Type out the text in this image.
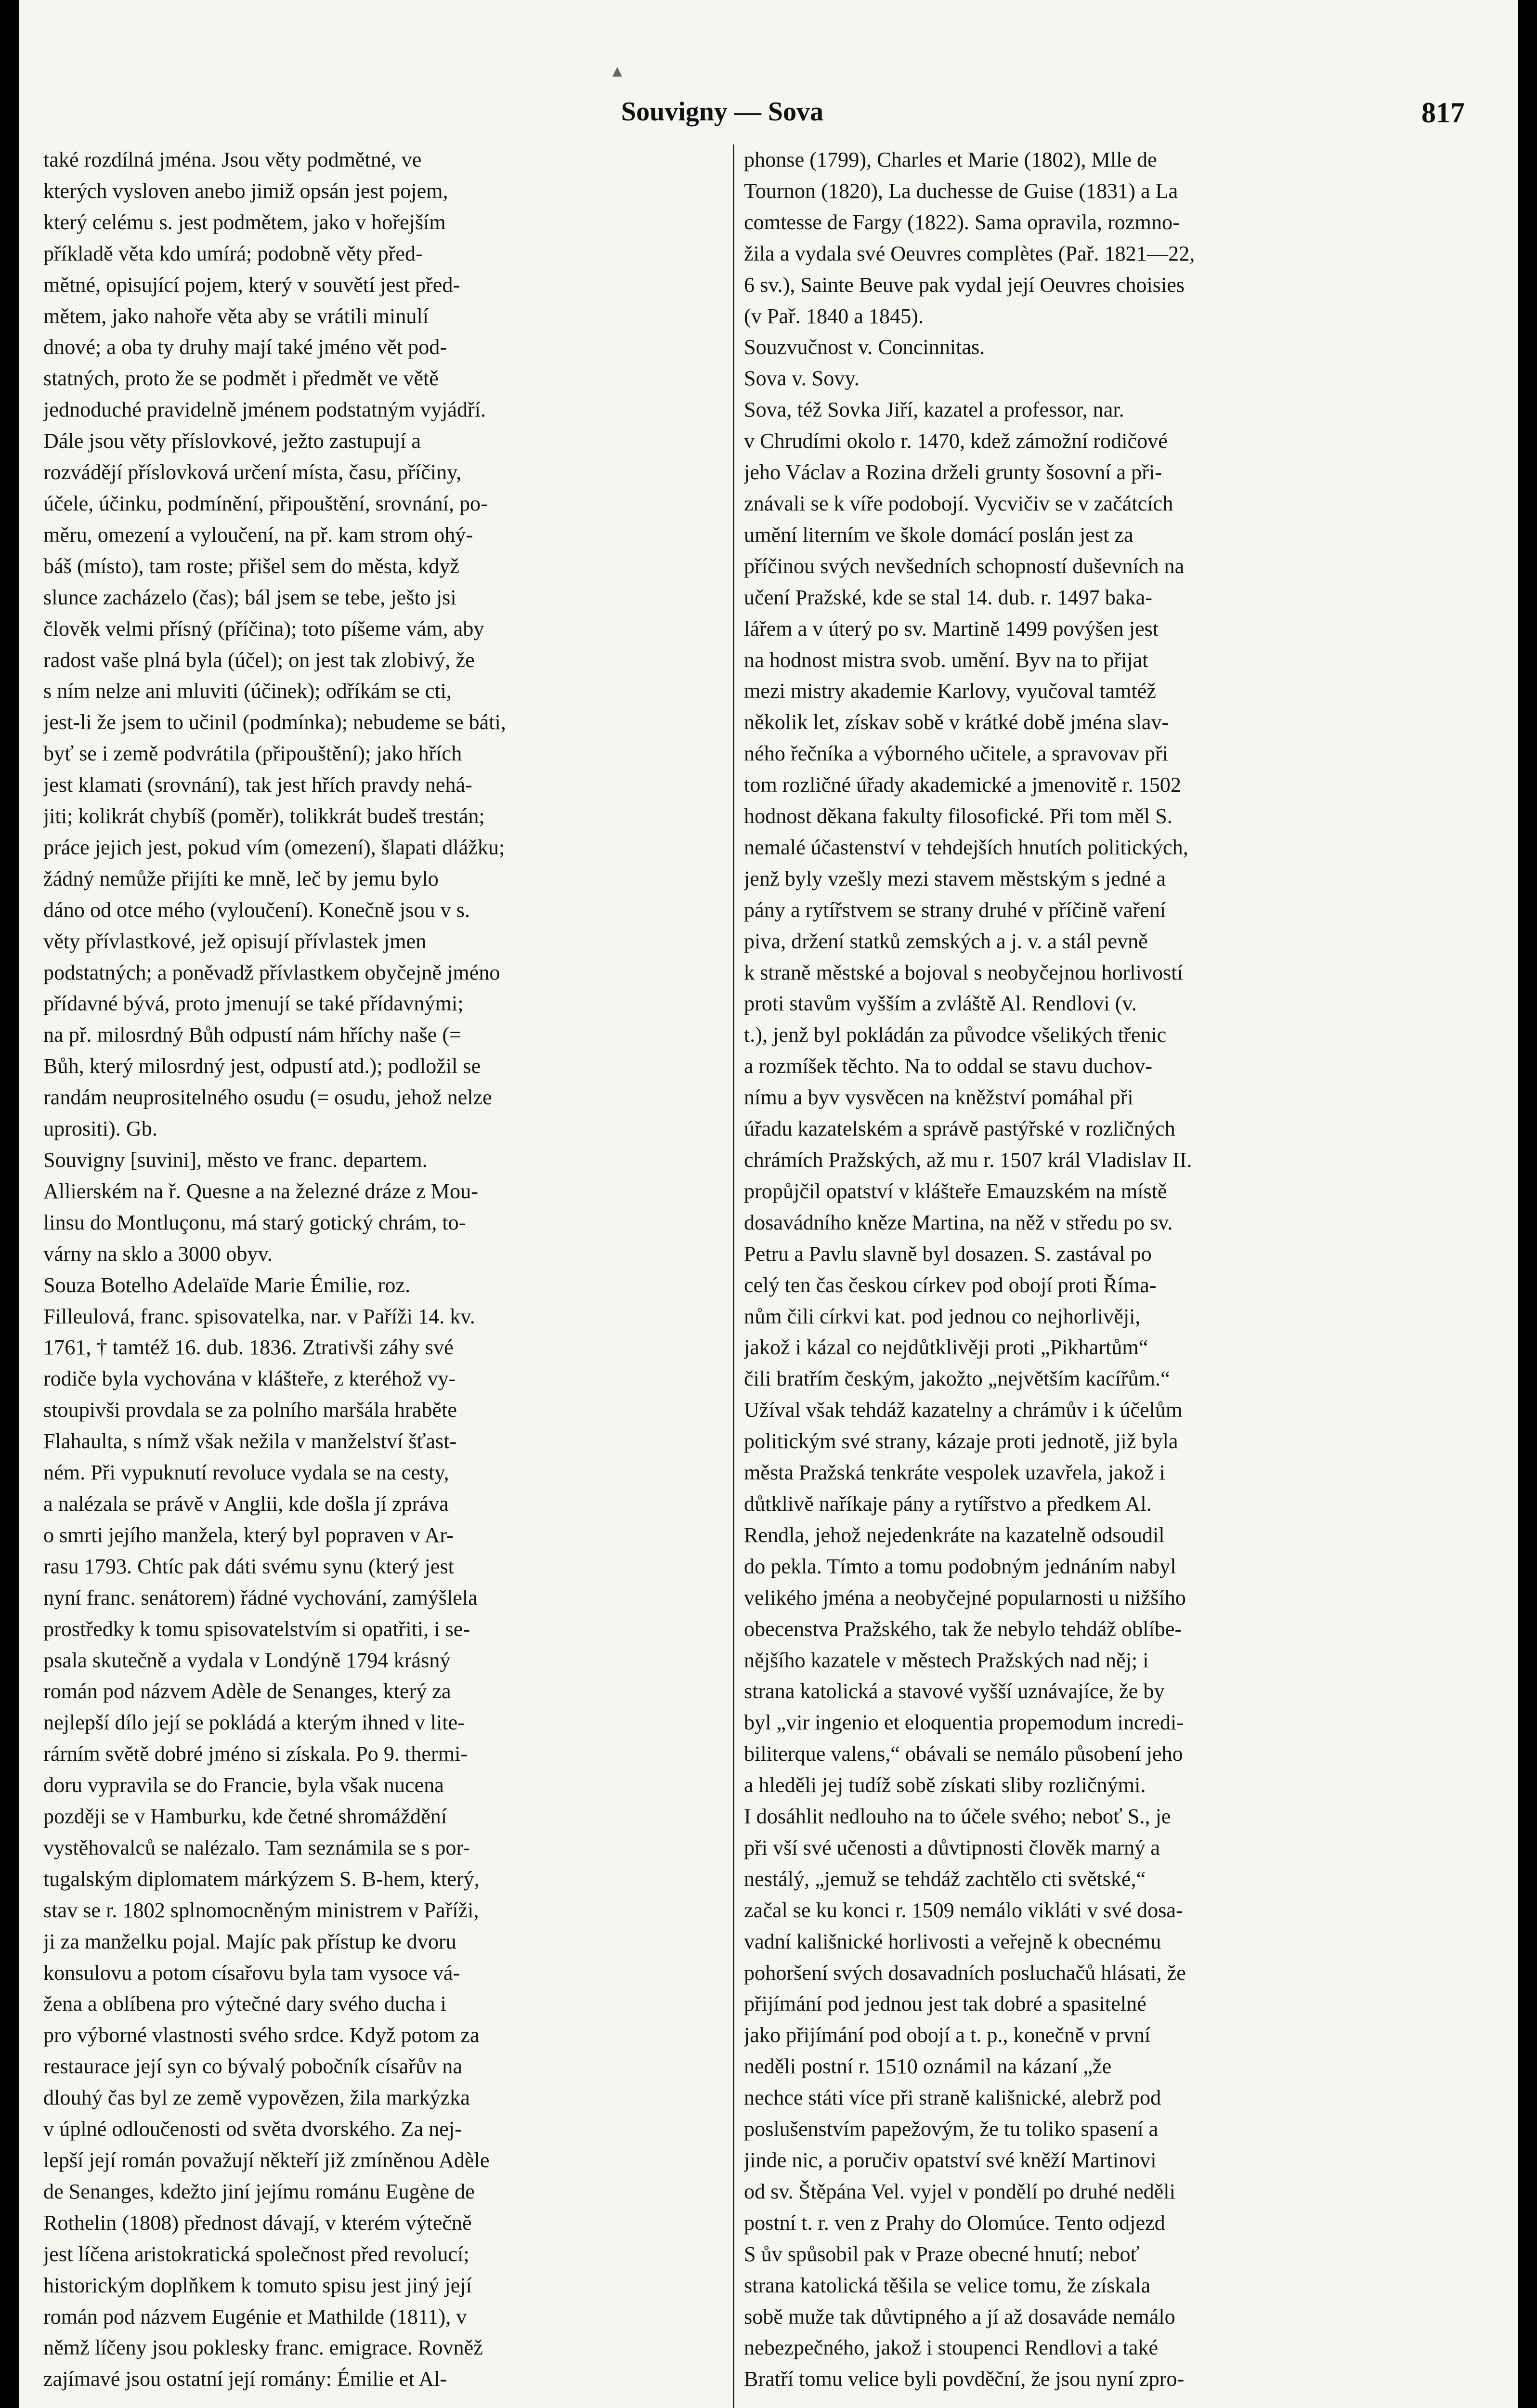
▲
Souvigny — Sova	817
také rozdílná jména. Jsou věty podmětné, ve
kterých vysloven anebo jimiž opsán jest pojem,
který celému s. jest podmětem, jako v hořejším
příkladě věta kdo umírá; podobně věty před-
mětné, opisující pojem, který v souvětí jest před-
mětem, jako nahoře věta aby se vrátili minulí
dnové; a oba ty druhy mají také jméno vět pod-
statných, proto že se podmět i předmět ve větě
jednoduché pravidelně jménem podstatným vyjádří.
Dále jsou věty příslovkové, ježto zastupují a
rozvádějí příslovková určení místa, času, příčiny,
účele, účinku, podmínění, připouštění, srovnání, po-
měru, omezení a vyloučení, na př. kam strom ohý-
báš (místo), tam roste; přišel sem do města, když
slunce zacházelo (čas); bál jsem se tebe, ješto jsi
člověk velmi přísný (příčina); toto píšeme vám, aby
radost vaše plná byla (účel); on jest tak zlobivý, že
s ním nelze ani mluviti (účinek); odříkám se cti,
jest-li že jsem to učinil (podmínka); nebudeme se báti,
byť se i země podvrátila (připouštění); jako hřích
jest klamati (srovnání), tak jest hřích pravdy nehá-
jiti; kolikrát chybíš (poměr), tolikkrát budeš trestán;
práce jejich jest, pokud vím (omezení), šlapati dlážku;
žádný nemůže přijíti ke mně, leč by jemu bylo
dáno od otce mého (vyloučení). Konečně jsou v s.
věty přívlastkové, jež opisují přívlastek jmen
podstatných; a poněvadž přívlastkem obyčejně jméno
přídavné bývá, proto jmenují se také přídavnými;
na př. milosrdný Bůh odpustí nám hříchy naše (=
Bůh, který milosrdný jest, odpustí atd.); podložil se
randám neuprositelného osudu (= osudu, jehož nelze
uprositi). Gb.
Souvigny [suvini], město ve franc. departem.
Allierském na ř. Quesne a na železné dráze z Mou-
linsu do Montluçonu, má starý gotický chrám, to-
várny na sklo a 3000 obyv.
Souza Botelho Adelaïde Marie Émilie, roz.
Filleulová, franc. spisovatelka, nar. v Paříži 14. kv.
1761, † tamtéž 16. dub. 1836. Ztrativši záhy své
rodiče byla vychována v klášteře, z kteréhož vy-
stoupivši provdala se za polního maršála hraběte
Flahaulta, s nímž však nežila v manželství šťast-
ném. Při vypuknutí revoluce vydala se na cesty,
a nalézala se právě v Anglii, kde došla jí zpráva
o smrti jejího manžela, který byl popraven v Ar-
rasu 1793. Chtíc pak dáti svému synu (který jest
nyní franc. senátorem) řádné vychování, zamýšlela
prostředky k tomu spisovatelstvím si opatřiti, i se-
psala skutečně a vydala v Londýně 1794 krásný
román pod názvem Adèle de Senanges, který za
nejlepší dílo její se pokládá a kterým ihned v lite-
rárním světě dobré jméno si získala. Po 9. thermi-
doru vypravila se do Francie, byla však nucena
později se v Hamburku, kde četné shromáždění
vystěhovalců se nalézalo. Tam seznámila se s por-
tugalským diplomatem márkýzem S. B-hem, který,
stav se r. 1802 splnomocněným ministrem v Paříži,
ji za manželku pojal. Majíc pak přístup ke dvoru
konsulovu a potom císařovu byla tam vysoce vá-
žena a oblíbena pro výtečné dary svého ducha i
pro výborné vlastnosti svého srdce. Když potom za
restaurace její syn co bývalý pobočník císařův na
dlouhý čas byl ze země vypovězen, žila markýzka
v úplné odloučenosti od světa dvorského. Za nej-
lepší její román považují někteří již zmíněnou Adèle
de Senanges, kdežto jiní jejímu románu Eugène de
Rothelin (1808) přednost dávají, v kterém výtečně
jest líčena aristokratická společnost před revolucí;
historickým doplňkem k tomuto spisu jest jiný její
román pod názvem Eugénie et Mathilde (1811), v
němž líčeny jsou poklesky franc. emigrace. Rovněž
zajímavé jsou ostatní její romány: Émilie et Al-
phonse (1799), Charles et Marie (1802), Mlle de
Tournon (1820), La duchesse de Guise (1831) a La
comtesse de Fargy (1822). Sama opravila, rozmno-
žila a vydala své Oeuvres complètes (Pař. 1821—22,
6 sv.), Sainte Beuve pak vydal její Oeuvres choisies
(v Pař. 1840 a 1845).
Souzvučnost v. Concinnitas.
Sova v. Sovy.
Sova, též Sovka Jiří, kazatel a professor, nar.
v Chrudími okolo r. 1470, kdež zámožní rodičové
jeho Václav a Rozina drželi grunty šosovní a při-
znávali se k víře podobojí. Vycvičiv se v začátcích
umění literním ve škole domácí poslán jest za
příčinou svých nevšedních schopností duševních na
učení Pražské, kde se stal 14. dub. r. 1497 baka-
lářem a v úterý po sv. Martině 1499 povýšen jest
na hodnost mistra svob. umění. Byv na to přijat
mezi mistry akademie Karlovy, vyučoval tamtéž
několik let, získav sobě v krátké době jména slav-
ného řečníka a výborného učitele, a spravovav při
tom rozličné úřady akademické a jmenovitě r. 1502
hodnost děkana fakulty filosofické. Při tom měl S.
nemalé účastenství v tehdejších hnutích politických,
jenž byly vzešly mezi stavem městským s jedné a
pány a rytířstvem se strany druhé v příčině vaření
piva, držení statků zemských a j. v. a stál pevně
k straně městské a bojoval s neobyčejnou horlivostí
proti stavům vyšším a zvláště Al. Rendlovi (v.
t.), jenž byl pokládán za původce všelikých třenic
a rozmíšek těchto. Na to oddal se stavu duchov-
nímu a byv vysvěcen na kněžství pomáhal při
úřadu kazatelském a správě pastýřské v rozličných
chrámích Pražských, až mu r. 1507 král Vladislav II.
propůjčil opatství v klášteře Emauzském na místě
dosavádního kněze Martina, na něž v středu po sv.
Petru a Pavlu slavně byl dosazen. S. zastával po
celý ten čas českou církev pod obojí proti Říma-
nům čili církvi kat. pod jednou co nejhorlivěji,
jakož i kázal co nejdůtklivěji proti „Pikhartům“
čili bratřím českým, jakožto „největším kacířům.“
Užíval však tehdáž kazatelny a chrámův i k účelům
politickým své strany, kázaje proti jednotě, již byla
města Pražská tenkráte vespolek uzavřela, jakož i
důtklivě naříkaje pány a rytířstvo a předkem Al.
Rendla, jehož nejedenkráte na kazatelně odsoudil
do pekla. Tímto a tomu podobným jednáním nabyl
velikého jména a neobyčejné popularnosti u nižšího
obecenstva Pražského, tak že nebylo tehdáž oblíbe-
nějšího kazatele v městech Pražských nad něj; i
strana katolická a stavové vyšší uznávajíce, že by
byl „vir ingenio et eloquentia propemodum incredi-
biliterque valens,“ obávali se nemálo působení jeho
a hleděli jej tudíž sobě získati sliby rozličnými.
I dosáhlit nedlouho na to účele svého; neboť S., je
při vší své učenosti a důvtipnosti člověk marný a
nestálý, „jemuž se tehdáž zachtělo cti světské,“
začal se ku konci r. 1509 nemálo vikláti v své dosa-
vadní kališnické horlivosti a veřejně k obecnému
pohoršení svých dosavadních posluchačů hlásati, že
přijímání pod jednou jest tak dobré a spasitelné
jako přijímání pod obojí a t. p., konečně v první
neděli postní r. 1510 oznámil na kázaní „že
nechce státi více při straně kališnické, alebrž pod
poslušenstvím papežovým, že tu toliko spasení a
jinde nic, a poručiv opatství své kněží Martinovi
od sv. Štěpána Vel. vyjel v pondělí po druhé neděli
postní t. r. ven z Prahy do Olomúce. Tento odjezd
S ův spůsobil pak v Praze obecné hnutí; neboť
strana katolická těšila se velice tomu, že získala
sobě muže tak důvtipného a jí až dosaváde nemálo
nebezpečného, jakož i stoupenci Rendlovi a také
Bratří tomu velice byli povděční, že jsou nyní zpro-
